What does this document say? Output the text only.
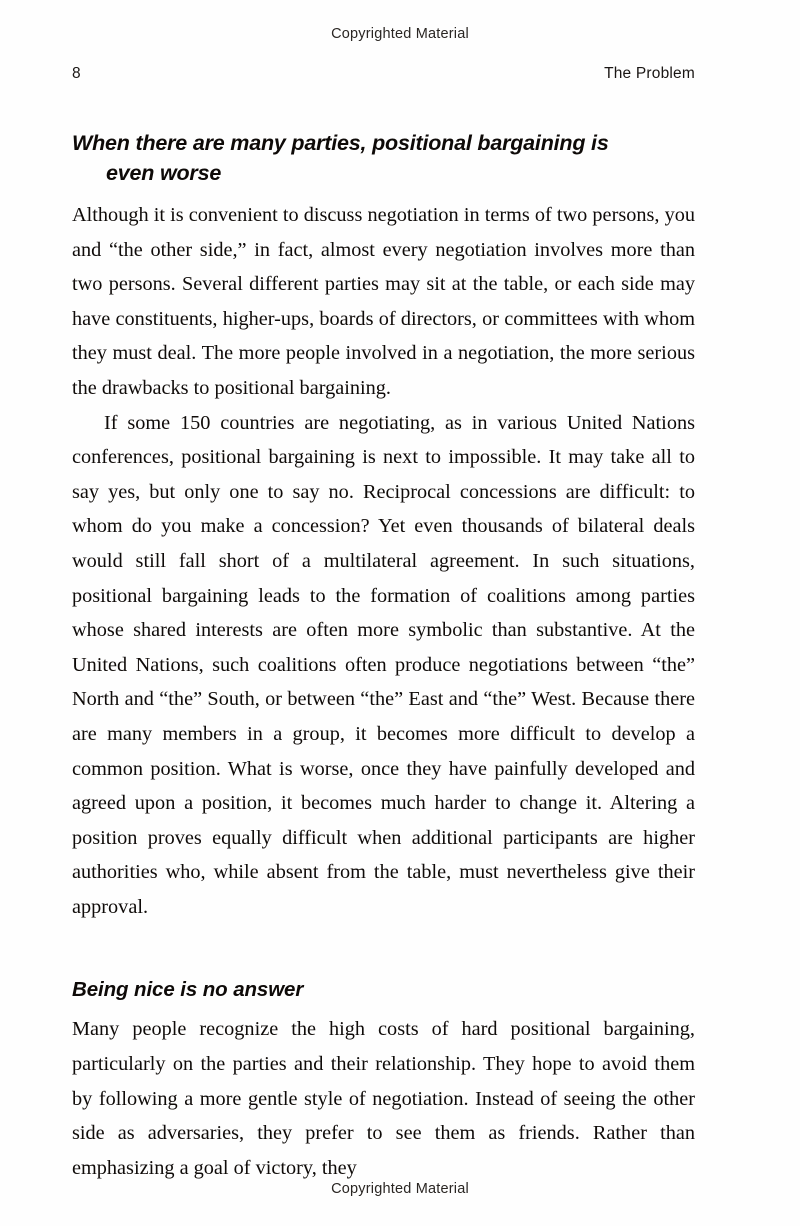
Copyrighted Material
8	The Problem
When there are many parties, positional bargaining is
even worse

Although it is convenient to discuss negotiation in terms of two persons, you and “the other side,” in fact, almost every negotiation involves more than two persons. Several different parties may sit at the table, or each side may have constituents, higher-ups, boards of directors, or committees with whom they must deal. The more people involved in a negotiation, the more serious the drawbacks to positional bargaining.

If some 150 countries are negotiating, as in various United Nations conferences, positional bargaining is next to impossible. It may take all to say yes, but only one to say no. Reciprocal concessions are difficult: to whom do you make a concession? Yet even thousands of bilateral deals would still fall short of a multilateral agreement. In such situations, positional bargaining leads to the formation of coalitions among parties whose shared interests are often more symbolic than substantive. At the United Nations, such coalitions often produce negotiations between “the” North and “the” South, or between “the” East and “the” West. Because there are many members in a group, it becomes more difficult to develop a common position. What is worse, once they have painfully developed and agreed upon a position, it becomes much harder to change it. Altering a position proves equally difficult when additional participants are higher authorities who, while absent from the table, must nevertheless give their approval.

Being nice is no answer

Many people recognize the high costs of hard positional bargaining, particularly on the parties and their relationship. They hope to avoid them by following a more gentle style of negotiation. Instead of seeing the other side as adversaries, they prefer to see them as friends. Rather than emphasizing a goal of victory, they

Copyrighted Material
